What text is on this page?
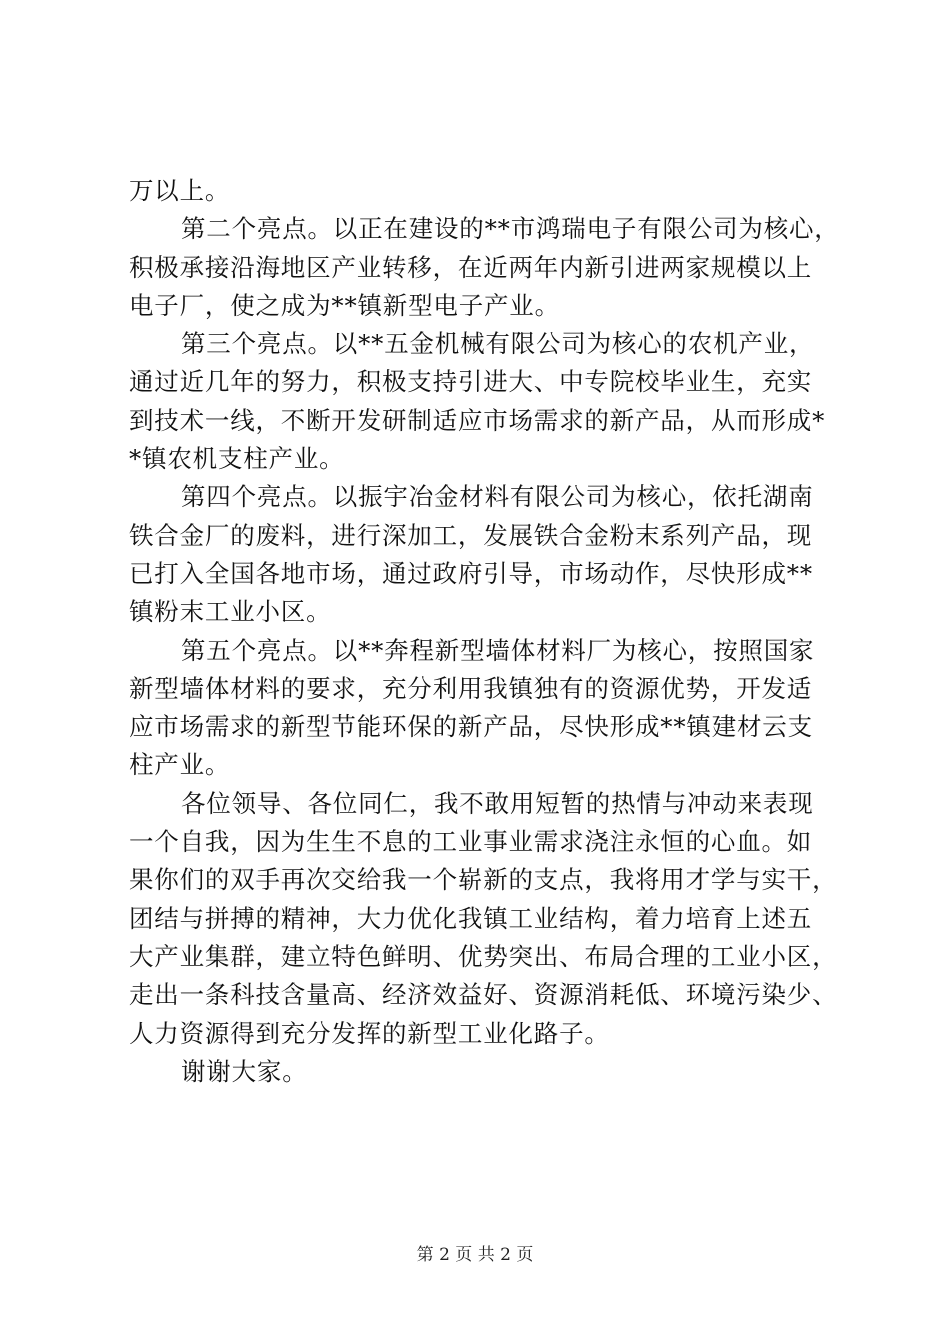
万以上。
第二个亮点。以正在建设的**市鸿瑞电子有限公司为核心，
积极承接沿海地区产业转移，在近两年内新引进两家规模以上
电子厂，使之成为**镇新型电子产业。
第三个亮点。以**五金机械有限公司为核心的农机产业，
通过近几年的努力，积极支持引进大、中专院校毕业生，充实
到技术一线，不断开发研制适应市场需求的新产品，从而形成*
*镇农机支柱产业。
第四个亮点。以振宇冶金材料有限公司为核心，依托湖南
铁合金厂的废料，进行深加工，发展铁合金粉末系列产品，现
已打入全国各地市场，通过政府引导，市场动作，尽快形成**
镇粉末工业小区。
第五个亮点。以**奔程新型墙体材料厂为核心，按照国家
新型墙体材料的要求，充分利用我镇独有的资源优势，开发适
应市场需求的新型节能环保的新产品，尽快形成**镇建材云支
柱产业。
各位领导、各位同仁，我不敢用短暂的热情与冲动来表现
一个自我，因为生生不息的工业事业需求浇注永恒的心血。如
果你们的双手再次交给我一个崭新的支点，我将用才学与实干，
团结与拼搏的精神，大力优化我镇工业结构，着力培育上述五
大产业集群，建立特色鲜明、优势突出、布局合理的工业小区，
走出一条科技含量高、经济效益好、资源消耗低、环境污染少、
人力资源得到充分发挥的新型工业化路子。
谢谢大家。
第 2 页 共 2 页
